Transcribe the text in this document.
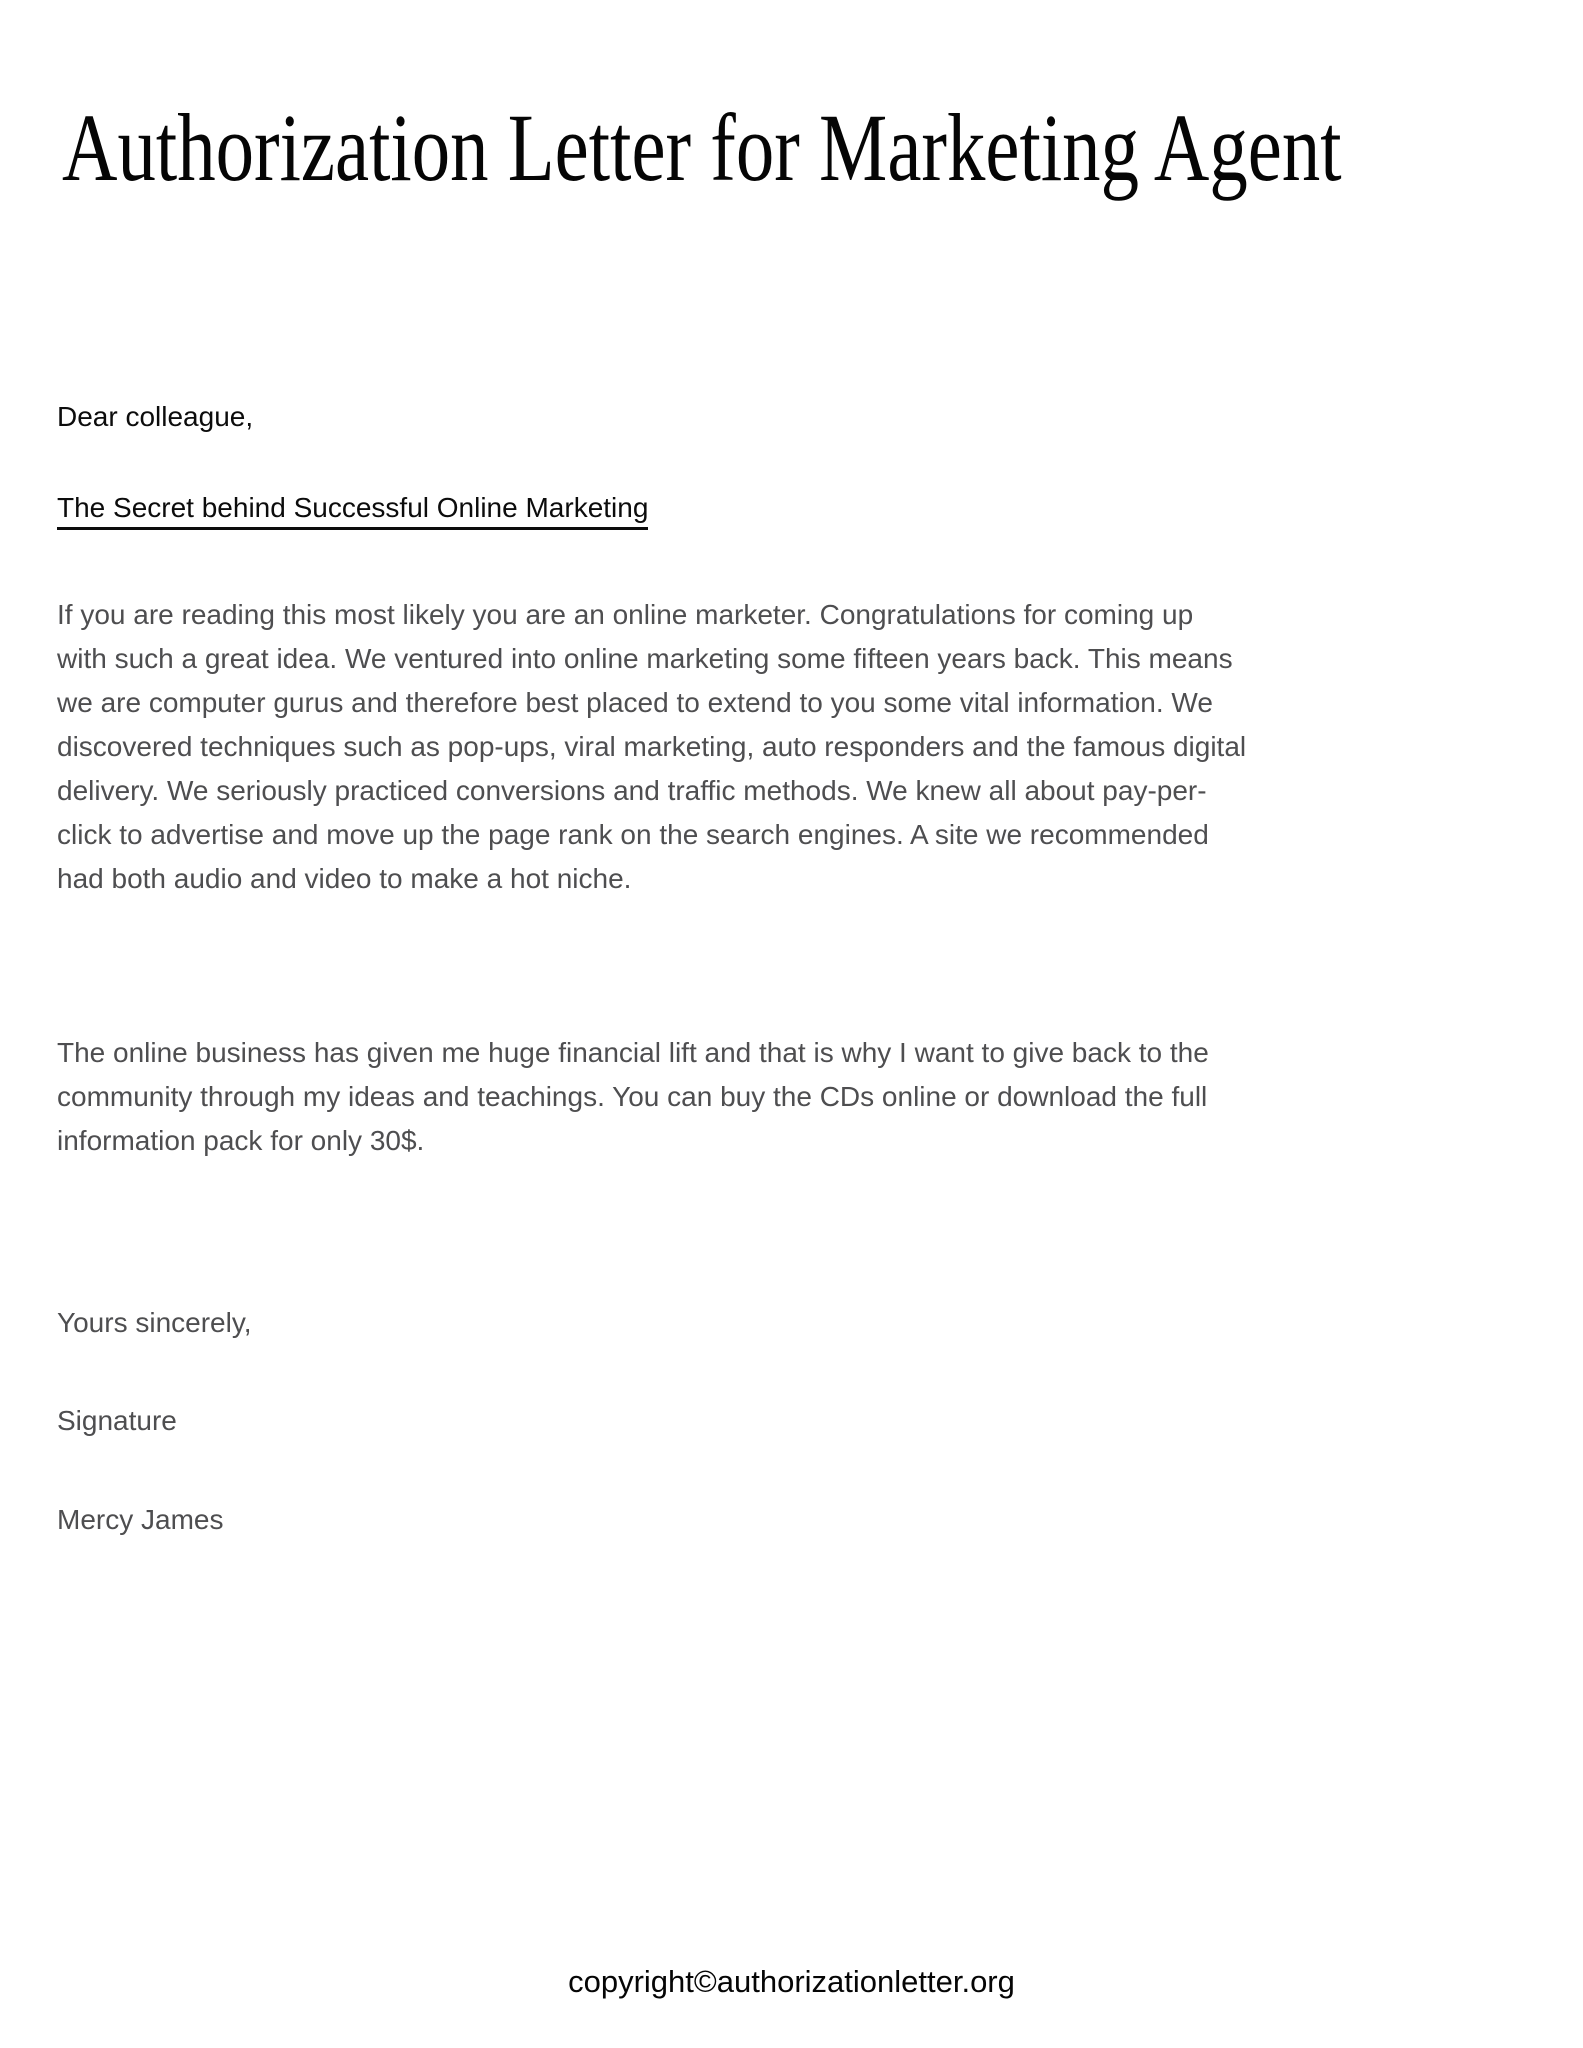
Authorization Letter for Marketing Agent
Dear colleague,
The Secret behind Successful Online Marketing
If you are reading this most likely you are an online marketer. Congratulations for coming up
with such a great idea. We ventured into online marketing some fifteen years back. This means
we are computer gurus and therefore best placed to extend to you some vital information. We
discovered techniques such as pop-ups, viral marketing, auto responders and the famous digital
delivery. We seriously practiced conversions and traffic methods. We knew all about pay-per-
click to advertise and move up the page rank on the search engines. A site we recommended
had both audio and video to make a hot niche.
The online business has given me huge financial lift and that is why I want to give back to the
community through my ideas and teachings. You can buy the CDs online or download the full
information pack for only 30$.
Yours sincerely,
Signature
Mercy James
copyright©authorizationletter.org
